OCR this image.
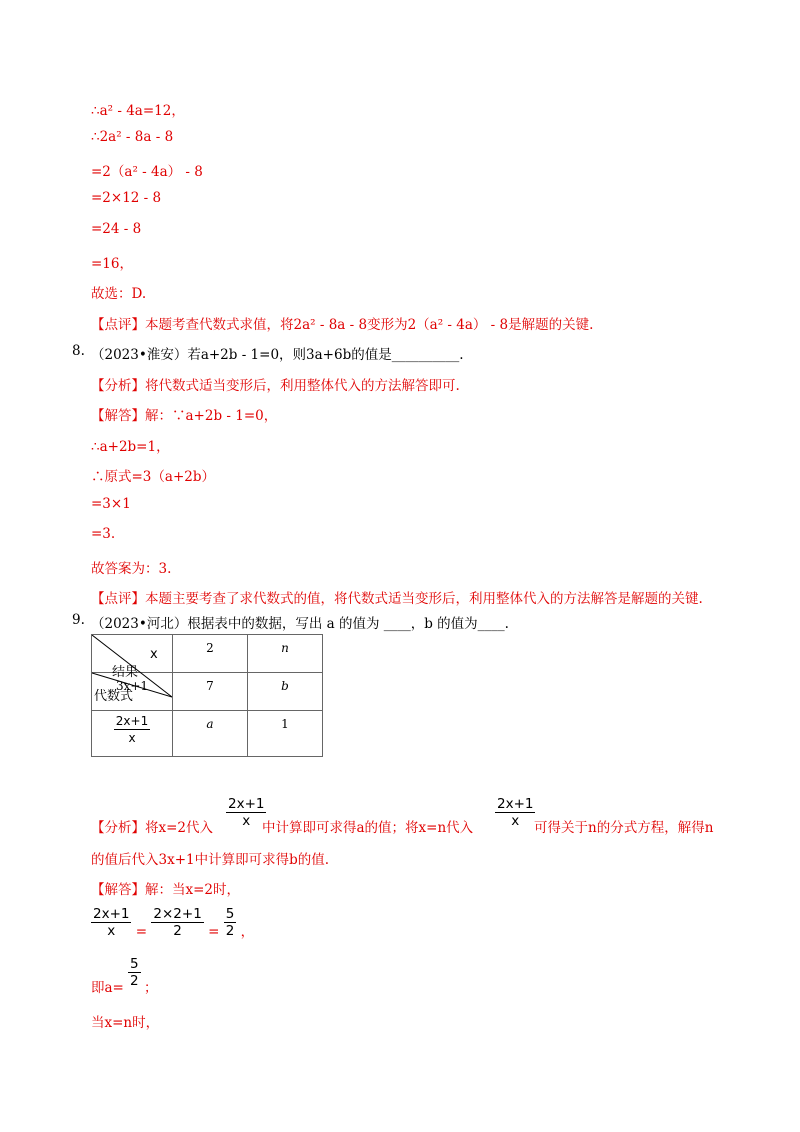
∴a² - 4a=12，
∴2a² - 8a - 8
=2（a² - 4a） - 8
=2×12 - 8
=24 - 8
=16，
故选：D.
【点评】本题考查代数式求值，将2a² - 8a - 8变形为2（a² - 4a） - 8是解题的关键.
8. （2023•淮安）若a+2b - 1=0，则3a+6b的值是__________.
【分析】将代数式适当变形后，利用整体代入的方法解答即可.
【解答】解：∵a+2b - 1=0，
∴a+2b=1，
∴原式=3（a+2b）
=3×1
=3.
故答案为：3.
【点评】本题主要考查了求代数式的值，将代数式适当变形后，利用整体代入的方法解答是解题的关键.
9. （2023•河北）根据表中的数据，写出 a 的值为 ____，b 的值为____.
x
结果
代数式	2	n
3x+1	7	b

$\frac{2x+1}{x}$	a	1
【分析】将x=2代入 $\frac{2x+1}{x}$
中计算即可求得a的值；将x=n代入 $\frac{2x+1}{x}$
可得关于n的分式方程，解得n
的值后代入3x+1中计算即可求得b的值.
【解答】解：当x=2时，
$\frac{2x+1}{x} = \frac{2\times 2+1}{2} = \frac{5}{2}$ ，
即$a= \frac{5}{2}$ ；
当x=n时，
